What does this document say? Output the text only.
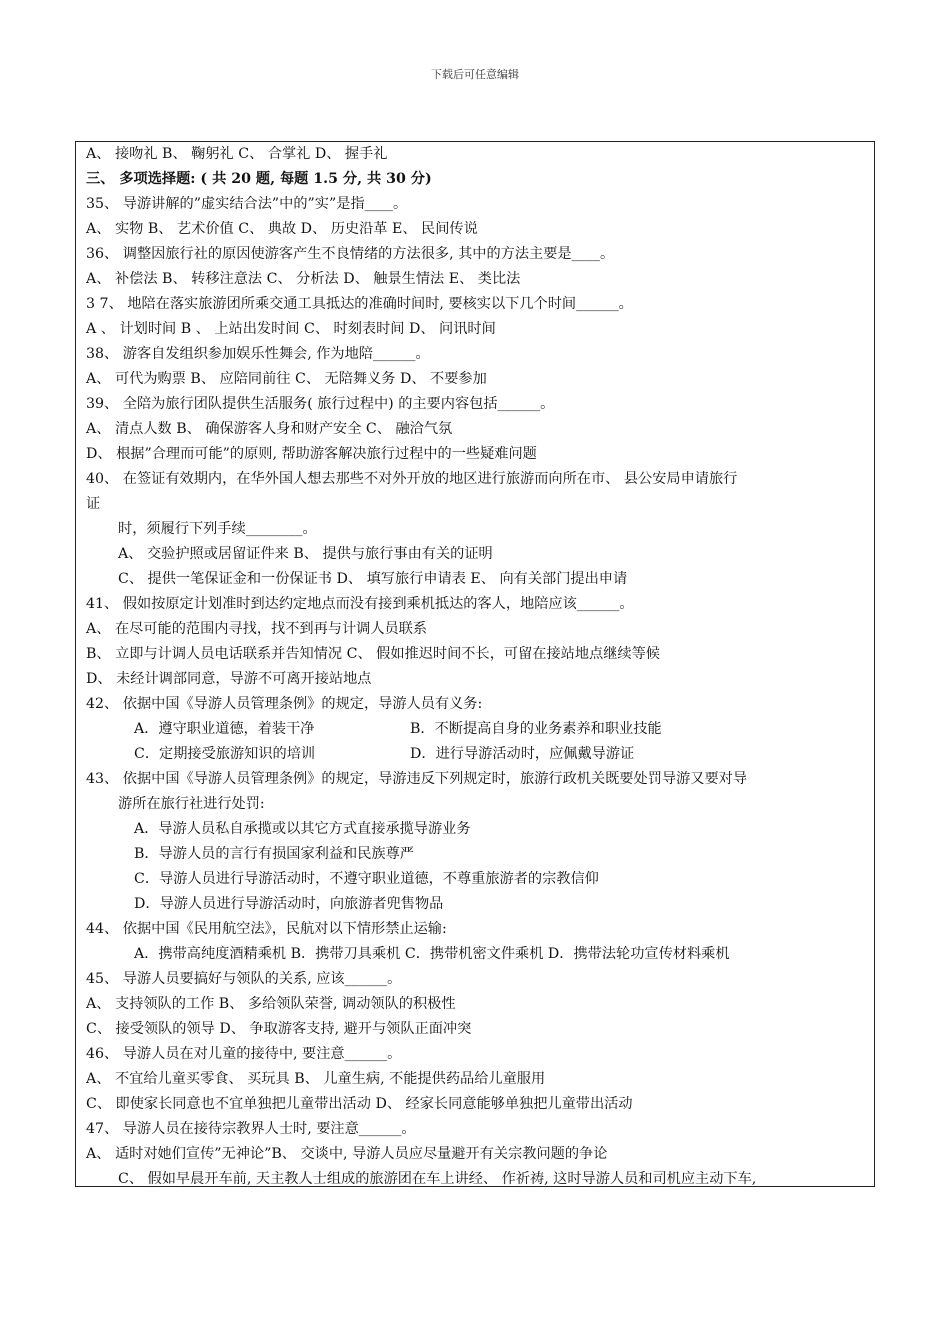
下载后可任意编辑
A、 接吻礼 B、 鞠躬礼 C、 合掌礼 D、 握手礼
三、 多项选择题: ( 共 20 题, 每题 1.5 分, 共 30 分)
35、 导游讲解的”虚实结合法”中的”实”是指____。
A、 实物 B、 艺术价值 C、 典故 D、 历史沿革 E、 民间传说
36、 调整因旅行社的原因使游客产生不良情绪的方法很多, 其中的方法主要是____。
A、 补偿法 B、 转移注意法 C、 分析法 D、 触景生情法 E、 类比法
3 7、 地陪在落实旅游团所乘交通工具抵达的准确时间时, 要核实以下几个时间______。
A 、 计划时间 B 、 上站出发时间 C、 时刻表时间 D、 问讯时间
38、 游客自发组织参加娱乐性舞会, 作为地陪______。
A、 可代为购票 B、 应陪同前往 C、 无陪舞义务 D、 不要参加
39、 全陪为旅行团队提供生活服务( 旅行过程中) 的主要内容包括______。
A、 清点人数 B、 确保游客人身和财产安全 C、 融洽气氛
D、 根据”合理而可能”的原则, 帮助游客解决旅行过程中的一些疑难问题
40、 在签证有效期内，在华外国人想去那些不对外开放的地区进行旅游而向所在市、 县公安局申请旅行
证
时，须履行下列手续________。
A、 交验护照或居留证件来 B、 提供与旅行事由有关的证明
C、 提供一笔保证金和一份保证书 D、 填写旅行申请表 E、 向有关部门提出申请
41、 假如按原定计划准时到达约定地点而没有接到乘机抵达的客人，地陪应该______。
A、 在尽可能的范围内寻找，找不到再与计调人员联系
B、 立即与计调人员电话联系并告知情况 C、 假如推迟时间不长，可留在接站地点继续等候
D、 未经计调部同意，导游不可离开接站地点
42、 依据中国《导游人员管理条例》的规定，导游人员有义务:
A．遵守职业道德，着装干净	B．不断提高自身的业务素养和职业技能
C．定期接受旅游知识的培训	D．进行导游活动时，应佩戴导游证
43、 依据中国《导游人员管理条例》的规定，导游违反下列规定时，旅游行政机关既要处罚导游又要对导
游所在旅行社进行处罚:
A．导游人员私自承揽或以其它方式直接承揽导游业务
B．导游人员的言行有损国家利益和民族尊严
C．导游人员进行导游活动时，不遵守职业道德，不尊重旅游者的宗教信仰
D．导游人员进行导游活动时，向旅游者兜售物品
44、 依据中国《民用航空法》，民航对以下情形禁止运输:
A．携带高纯度酒精乘机 B．携带刀具乘机 C．携带机密文件乘机 D．携带法轮功宣传材料乘机
45、 导游人员要搞好与领队的关系, 应该______。
A、 支持领队的工作 B、 多给领队荣誉, 调动领队的积极性
C、 接受领队的领导 D、 争取游客支持, 避开与领队正面冲突
46、 导游人员在对儿童的接待中, 要注意______。
A、 不宜给儿童买零食、 买玩具 B、 儿童生病, 不能提供药品给儿童服用
C、 即使家长同意也不宜单独把儿童带出活动 D、 经家长同意能够单独把儿童带出活动
47、 导游人员在接待宗教界人士时, 要注意______。
A、 适时对她们宣传”无神论”B、 交谈中, 导游人员应尽量避开有关宗教问题的争论
C、 假如早晨开车前, 天主教人士组成的旅游团在车上讲经、 作祈祷, 这时导游人员和司机应主动下车,
